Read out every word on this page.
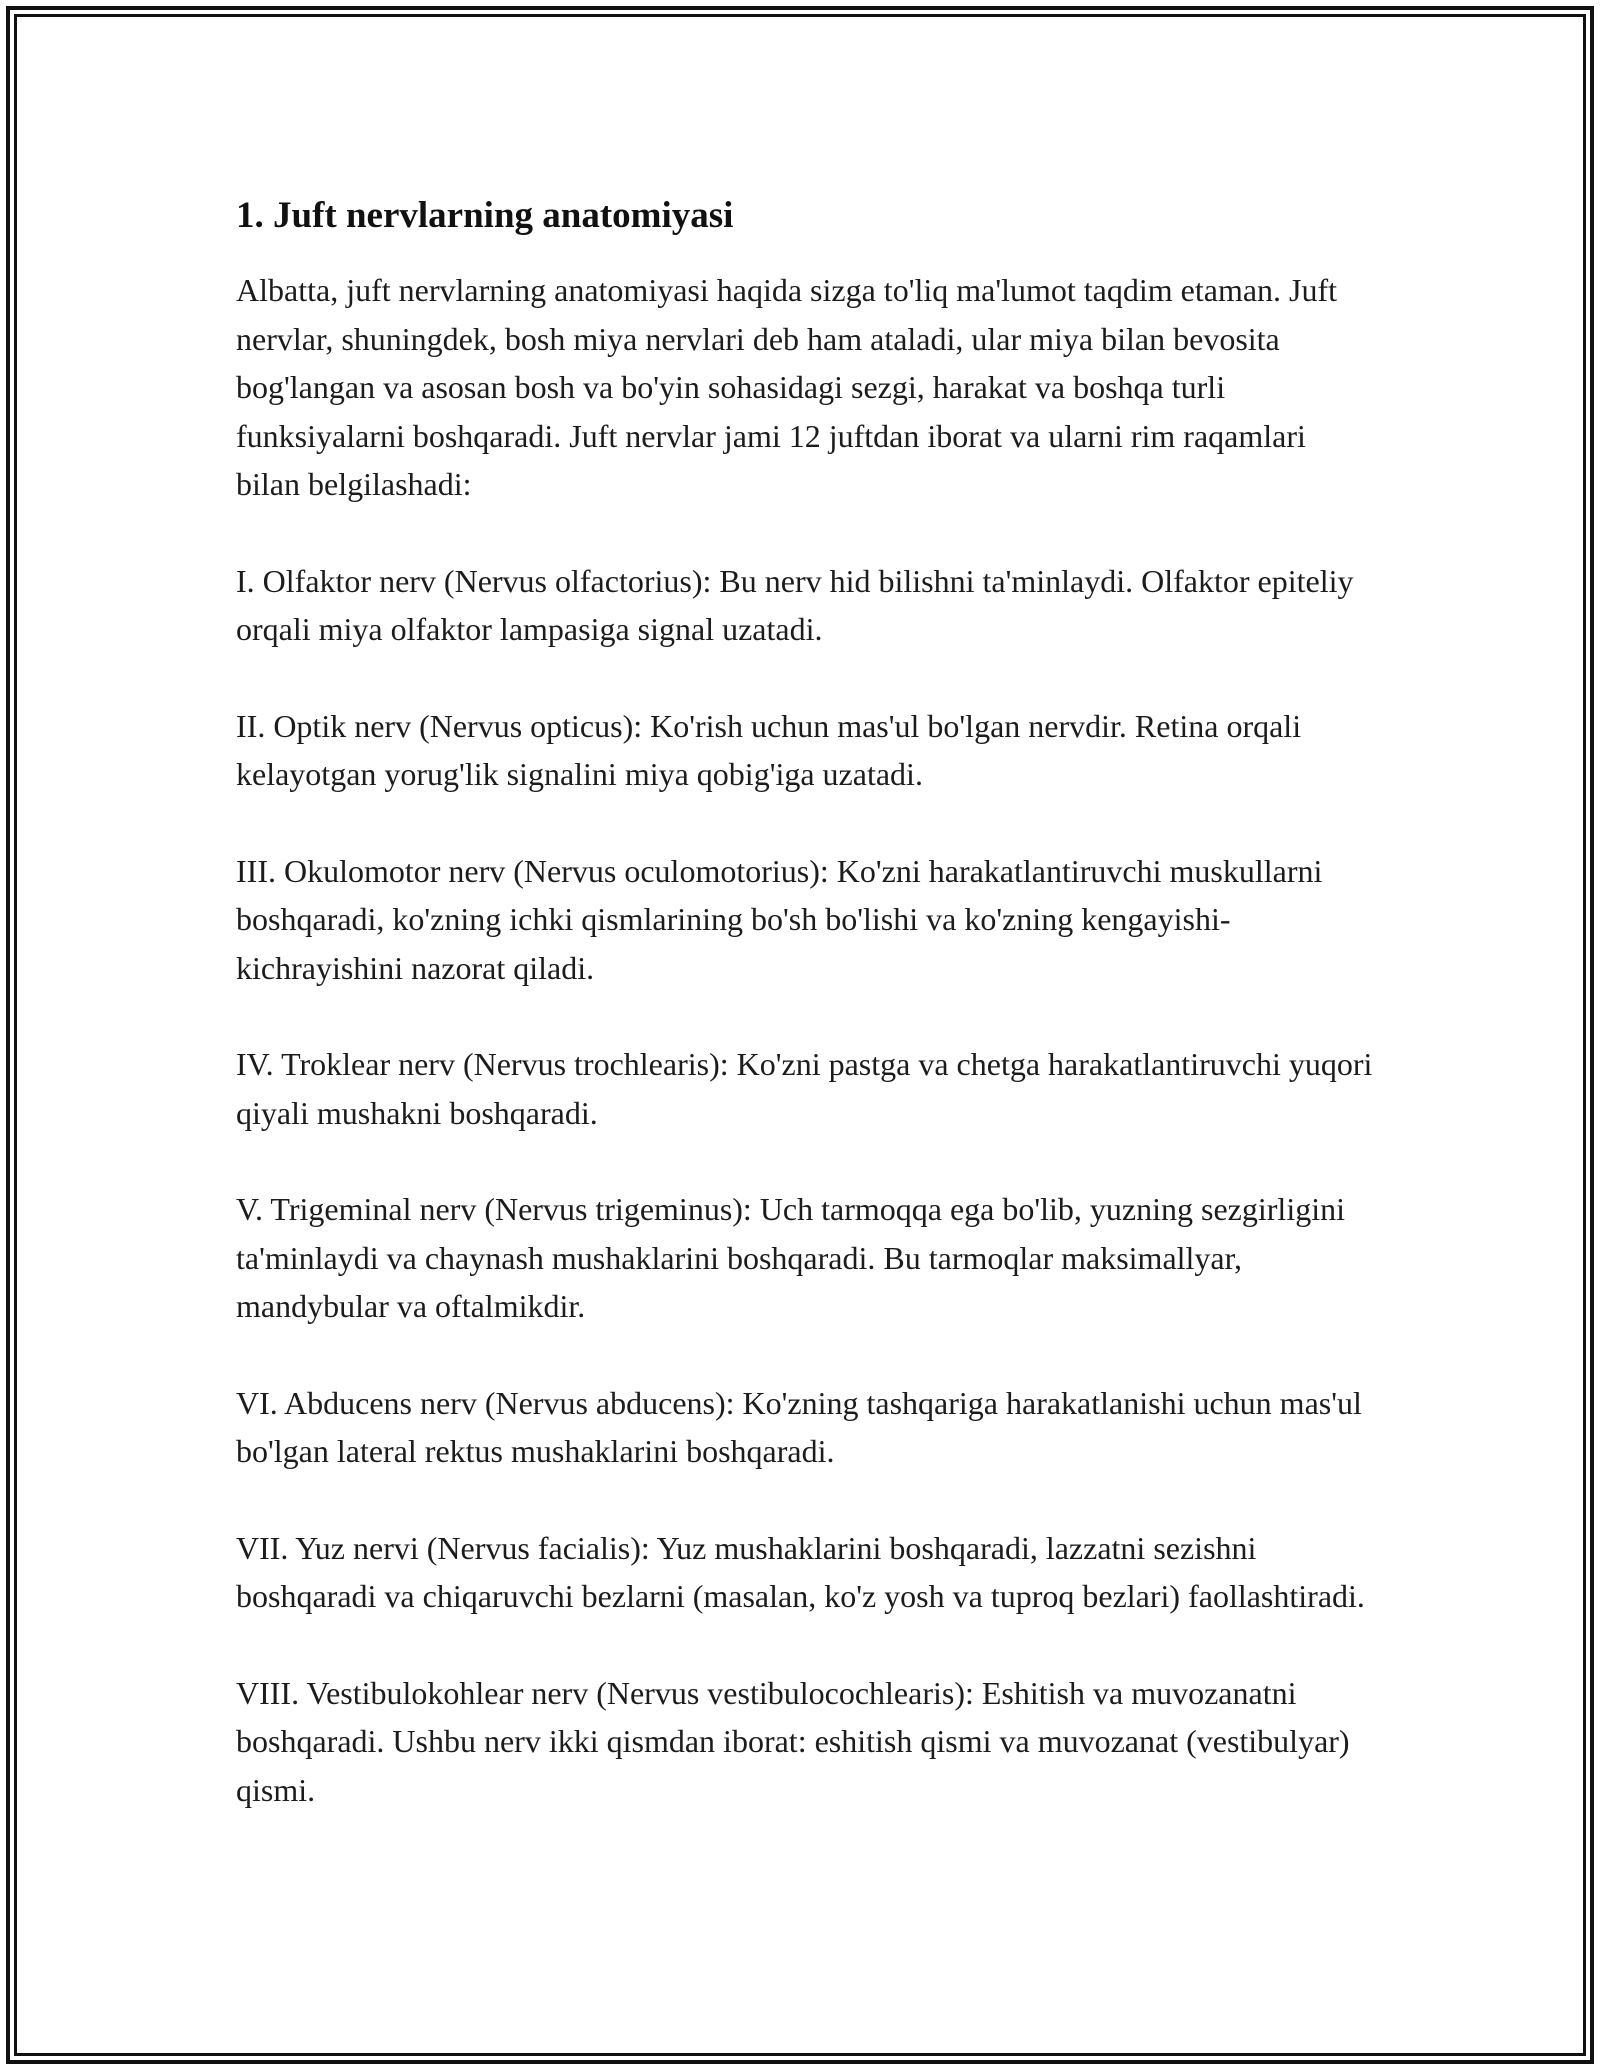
1. Juft nervlarning anatomiyasi

Albatta, juft nervlarning anatomiyasi haqida sizga to'liq ma'lumot taqdim etaman. Juft nervlar, shuningdek, bosh miya nervlari deb ham ataladi, ular miya bilan bevosita bog'langan va asosan bosh va bo'yin sohasidagi sezgi, harakat va boshqa turli funksiyalarni boshqaradi. Juft nervlar jami 12 juftdan iborat va ularni rim raqamlari bilan belgilashadi:

I. Olfaktor nerv (Nervus olfactorius): Bu nerv hid bilishni ta'minlaydi. Olfaktor epiteliy orqali miya olfaktor lampasiga signal uzatadi.

II. Optik nerv (Nervus opticus): Ko'rish uchun mas'ul bo'lgan nervdir. Retina orqali kelayotgan yorug'lik signalini miya qobig'iga uzatadi.

III. Okulomotor nerv (Nervus oculomotorius): Ko'zni harakatlantiruvchi muskullarni boshqaradi, ko'zning ichki qismlarining bo'sh bo'lishi va ko'zning kengayishi-kichrayishini nazorat qiladi.

IV. Troklear nerv (Nervus trochlearis): Ko'zni pastga va chetga harakatlantiruvchi yuqori qiyali mushakni boshqaradi.

V. Trigeminal nerv (Nervus trigeminus): Uch tarmoqqa ega bo'lib, yuzning sezgirligini ta'minlaydi va chaynash mushaklarini boshqaradi. Bu tarmoqlar maksimallyar, mandybular va oftalmikdir.

VI. Abducens nerv (Nervus abducens): Ko'zning tashqariga harakatlanishi uchun mas'ul bo'lgan lateral rektus mushaklarini boshqaradi.

VII. Yuz nervi (Nervus facialis): Yuz mushaklarini boshqaradi, lazzatni sezishni boshqaradi va chiqaruvchi bezlarni (masalan, ko'z yosh va tuproq bezlari) faollashtiradi.

VIII. Vestibulokohlear nerv (Nervus vestibulocochlearis): Eshitish va muvozanatni boshqaradi. Ushbu nerv ikki qismdan iborat: eshitish qismi va muvozanat (vestibulyar) qismi.
